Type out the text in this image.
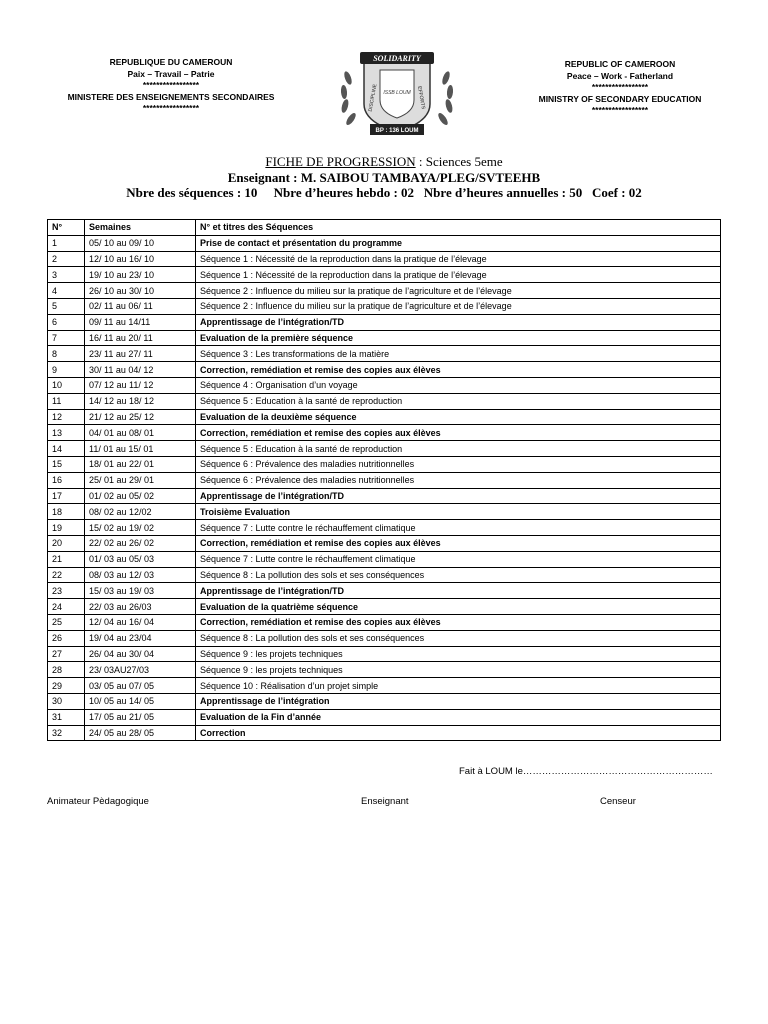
REPUBLIQUE DU CAMEROUN
Paix – Travail – Patrie
*****************
MINISTERE DES ENSEIGNEMENTS SECONDAIRES
*****************
SOLIDARITY
DISCIPLINE	EFFORTS
ISSB LOUM
BP : 136 LOUM
REPUBLIC OF CAMEROON
Peace – Work - Fatherland
*****************
MINISTRY OF SECONDARY EDUCATION
*****************
FICHE DE PROGRESSION : Sciences 5eme
Enseignant : M. SAIBOU TAMBAYA/PLEG/SVTEEHB
Nbre des séquences : 10     Nbre d’heures hebdo : 02   Nbre d’heures annuelles : 50   Coef : 02
N°	Semaines	N° et titres des Séquences
1	05/ 10 au 09/ 10	Prise de contact et présentation du programme
2	12/ 10 au 16/ 10	Séquence 1 : Nécessité de la reproduction dans la pratique de l’élevage
3	19/ 10 au 23/ 10	Séquence 1 : Nécessité de la reproduction dans la pratique de l’élevage
4	26/ 10 au 30/ 10	Séquence 2 : Influence du milieu sur la pratique de l’agriculture et de l’élevage
5	02/ 11 au 06/ 11	Séquence 2 : Influence du milieu sur la pratique de l’agriculture et de l’élevage
6	09/ 11 au 14/11	Apprentissage de l’intégration/TD
7	16/ 11 au 20/ 11	Evaluation de la première séquence
8	23/ 11 au 27/ 11	Séquence 3 : Les transformations de la matière
9	30/ 11 au 04/ 12	Correction, remédiation et remise des copies aux élèves
10	07/ 12 au 11/ 12	Séquence 4 : Organisation d’un voyage
11	14/ 12 au 18/ 12	Séquence 5 : Education à la santé de reproduction
12	21/ 12 au 25/ 12	Evaluation de la deuxième séquence
13	04/ 01 au 08/ 01	Correction, remédiation et remise des copies aux élèves
14	11/ 01 au 15/ 01	Séquence 5 : Education à la santé de reproduction
15	18/ 01 au 22/ 01	Séquence 6 : Prévalence des maladies nutritionnelles
16	25/ 01 au 29/ 01	Séquence 6 : Prévalence des maladies nutritionnelles
17	01/ 02 au 05/ 02	Apprentissage de l’intégration/TD
18	08/ 02 au 12/02	Troisième Evaluation
19	15/ 02 au 19/ 02	Séquence 7 : Lutte contre le réchauffement climatique
20	22/ 02 au 26/ 02	Correction, remédiation et remise des copies aux élèves
21	01/ 03 au 05/ 03	Séquence 7 : Lutte contre le réchauffement climatique
22	08/ 03 au 12/ 03	Séquence 8 : La pollution des sols et ses conséquences
23	15/ 03 au 19/ 03	Apprentissage de l’intégration/TD
24	22/ 03 au 26/03	Evaluation de la quatrième séquence
25	12/ 04 au 16/ 04	Correction, remédiation et remise des copies aux élèves
26	19/ 04 au 23/04	Séquence 8 : La pollution des sols et ses conséquences
27	26/ 04 au 30/ 04	Séquence 9 : les projets techniques
28	23/ 03AU27/03	Séquence 9 : les projets techniques
29	03/ 05 au 07/ 05	Séquence 10 : Réalisation d’un projet simple
30	10/ 05 au 14/ 05	Apprentissage de l’intégration
31	17/ 05 au 21/ 05	Evaluation de la Fin d’année
32	24/ 05 au 28/ 05	Correction
Fait à LOUM le……………………………………………………
Animateur Pèdagogique	Enseignant	Censeur
